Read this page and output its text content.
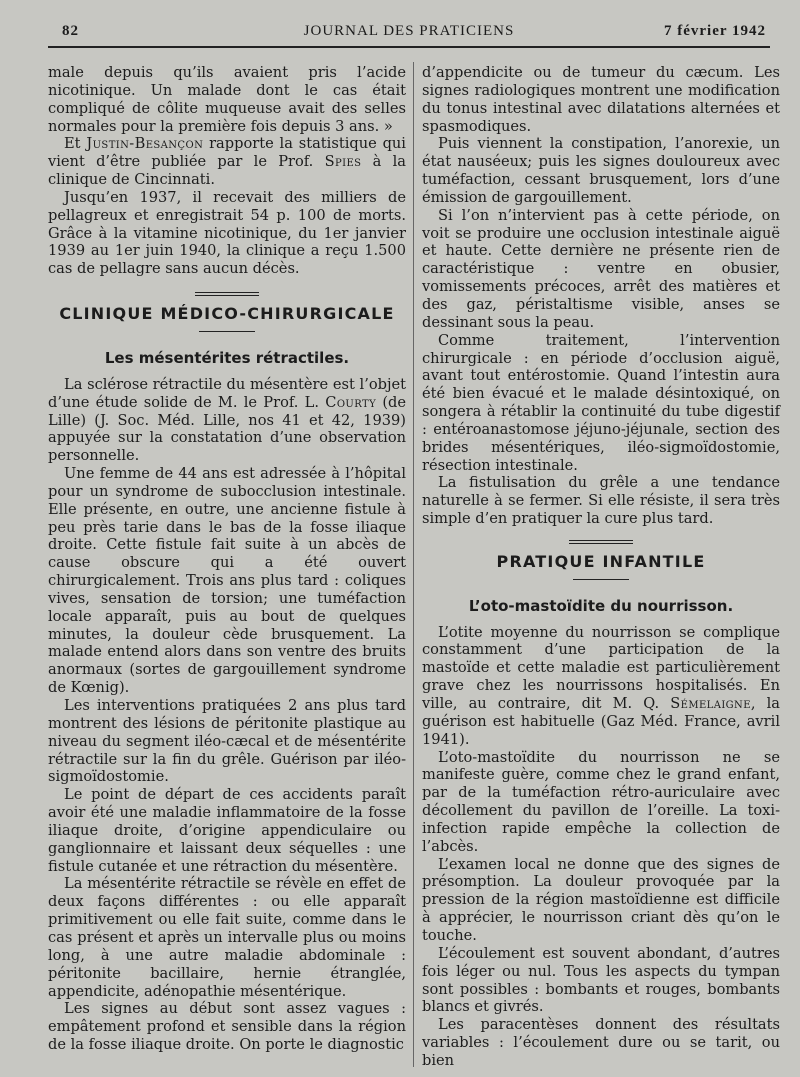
82	JOURNAL DES PRATICIENS	7 février 1942

male depuis qu’ils avaient pris l’acide nicotinique. Un malade dont le cas était compliqué de côlite muqueuse avait des selles normales pour la première fois depuis 3 ans. »

Et Justin-Besançon rapporte la statistique qui vient d’être publiée par le Prof. Spies à la clinique de Cincinnati.

Jusqu’en 1937, il recevait des milliers de pellagreux et enregistrait 54 p. 100 de morts. Grâce à la vitamine nicotinique, du 1er janvier 1939 au 1er juin 1940, la clinique a reçu 1.500 cas de pellagre sans aucun décès.

CLINIQUE MÉDICO-CHIRURGICALE
Les mésentérites rétractiles.

La sclérose rétractile du mésentère est l’objet d’une étude solide de M. le Prof. L. Courty (de Lille) (J. Soc. Méd. Lille, nos 41 et 42, 1939) appuyée sur la constatation d’une observation personnelle.

Une femme de 44 ans est adressée à l’hôpital pour un syndrome de subocclusion intestinale. Elle présente, en outre, une ancienne fistule à peu près tarie dans le bas de la fosse iliaque droite. Cette fistule fait suite à un abcès de cause obscure qui a été ouvert chirurgicalement. Trois ans plus tard : coliques vives, sensation de torsion; une tuméfaction locale apparaît, puis au bout de quelques minutes, la douleur cède brusquement. La malade entend alors dans son ventre des bruits anormaux (sortes de gargouillement syndrome de Kœnig).

Les interventions pratiquées 2 ans plus tard montrent des lésions de péritonite plastique au niveau du segment iléo-cæcal et de mésentérite rétractile sur la fin du grêle. Guérison par iléo-sigmoïdostomie.

Le point de départ de ces accidents paraît avoir été une maladie inflammatoire de la fosse iliaque droite, d’origine appendiculaire ou ganglionnaire et laissant deux séquelles : une fistule cutanée et une rétraction du mésentère.

La mésentérite rétractile se révèle en effet de deux façons différentes : ou elle apparaît primitivement ou elle fait suite, comme dans le cas présent et après un intervalle plus ou moins long, à une autre maladie abdominale : péritonite bacillaire, hernie étranglée, appendicite, adénopathie mésentérique.

Les signes au début sont assez vagues : empâtement profond et sensible dans la région de la fosse iliaque droite. On porte le diagnostic

d’appendicite ou de tumeur du cæcum. Les signes radiologiques montrent une modification du tonus intestinal avec dilatations alternées et spasmodiques.

Puis viennent la constipation, l’anorexie, un état nauséeux; puis les signes douloureux avec tuméfaction, cessant brusquement, lors d’une émission de gargouillement.

Si l’on n’intervient pas à cette période, on voit se produire une occlusion intestinale aiguë et haute. Cette dernière ne présente rien de caractéristique : ventre en obusier, vomissements précoces, arrêt des matières et des gaz, péristaltisme visible, anses se dessinant sous la peau.

Comme traitement, l’intervention chirurgicale : en période d’occlusion aiguë, avant tout entérostomie. Quand l’intestin aura été bien évacué et le malade désintoxiqué, on songera à rétablir la continuité du tube digestif : entéroanastomose jéjuno-jéjunale, section des brides mésentériques, iléo-sigmoïdostomie, résection intestinale.

La fistulisation du grêle a une tendance naturelle à se fermer. Si elle résiste, il sera très simple d’en pratiquer la cure plus tard.

PRATIQUE INFANTILE
L’oto-mastoïdite du nourrisson.

L’otite moyenne du nourrisson se complique constamment d’une participation de la mastoïde et cette maladie est particulièrement grave chez les nourrissons hospitalisés. En ville, au contraire, dit M. Q. Sémelaigne, la guérison est habituelle (Gaz Méd. France, avril 1941).

L’oto-mastoïdite du nourrisson ne se manifeste guère, comme chez le grand enfant, par de la tuméfaction rétro-auriculaire avec décollement du pavillon de l’oreille. La toxi-infection rapide empêche la collection de l’abcès.

L’examen local ne donne que des signes de présomption. La douleur provoquée par la pression de la région mastoïdienne est difficile à apprécier, le nourrisson criant dès qu’on le touche.

L’écoulement est souvent abondant, d’autres fois léger ou nul. Tous les aspects du tympan sont possibles : bombants et rouges, bombants blancs et givrés.

Les paracentèses donnent des résultats variables : l’écoulement dure ou se tarit, ou bien
